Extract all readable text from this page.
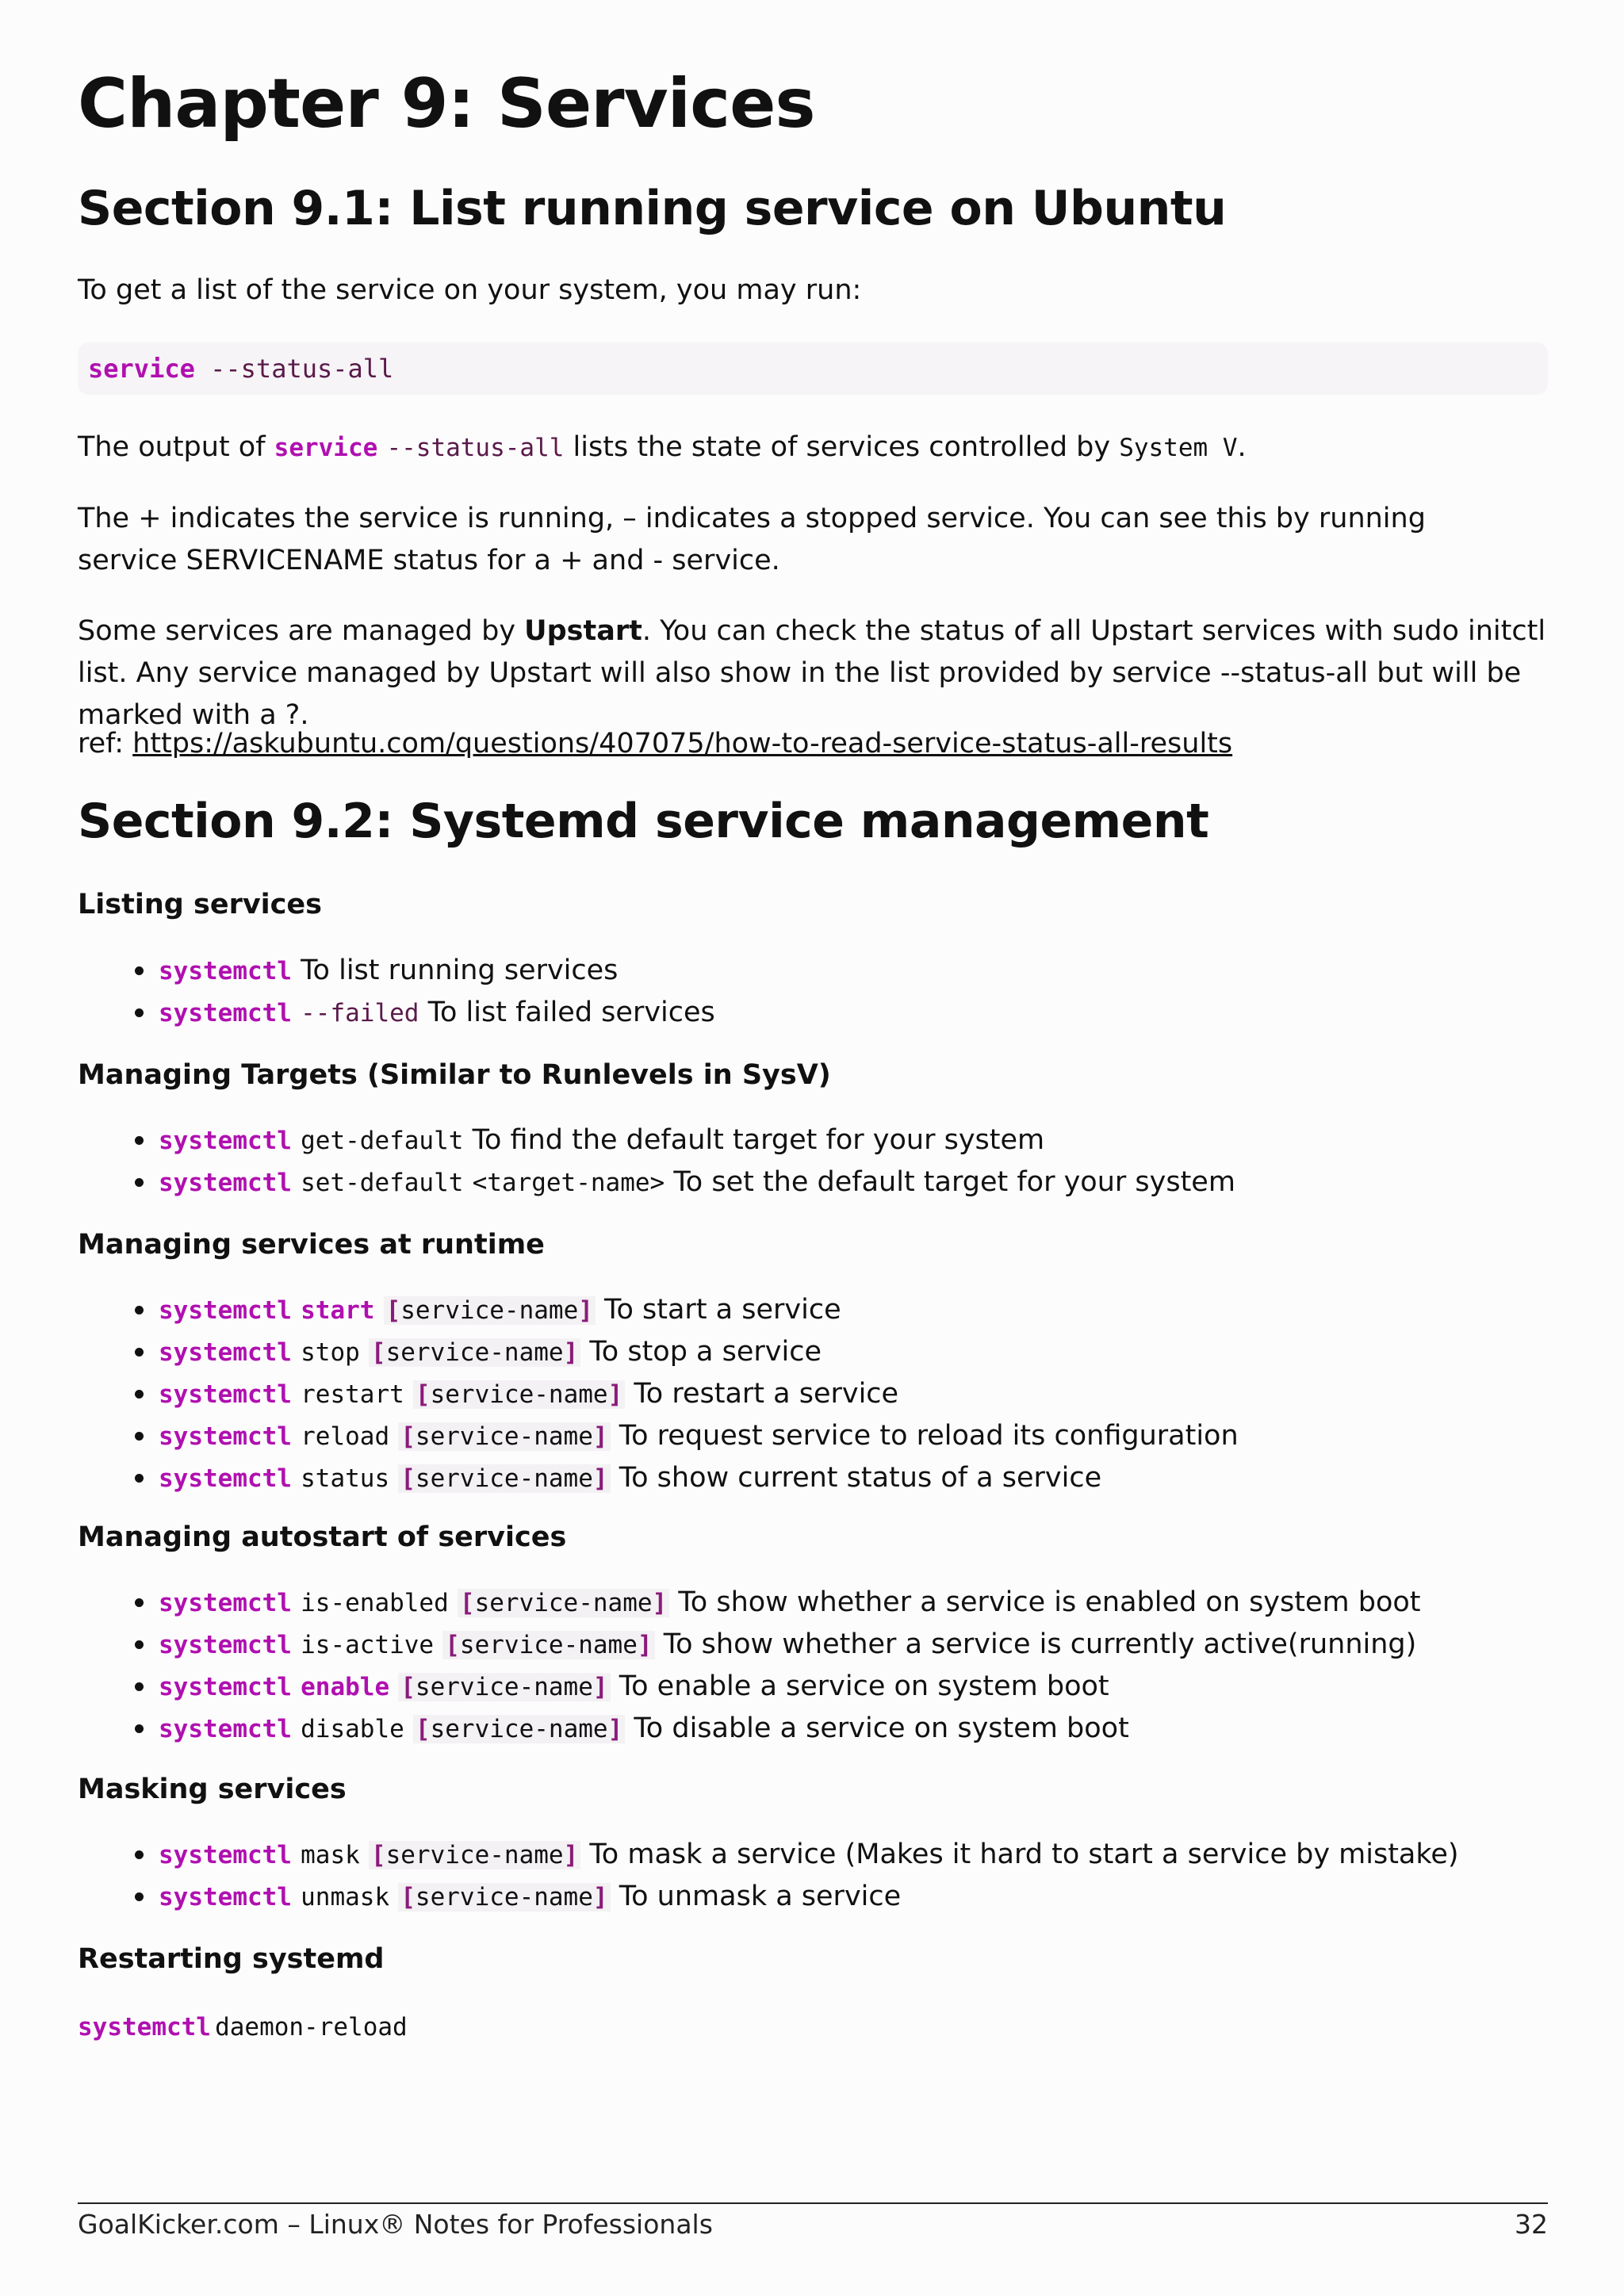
Chapter 9: Services
Section 9.1: List running service on Ubuntu

To get a list of the service on your system, you may run:

service --status-all

The output of service --status-all lists the state of services controlled by System V.

The + indicates the service is running, – indicates a stopped service. You can see this by running service SERVICENAME status for a + and - service.

Some services are managed by Upstart. You can check the status of all Upstart services with sudo initctl list. Any service managed by Upstart will also show in the list provided by service --status-all but will be marked with a ?.

ref: https://askubuntu.com/questions/407075/how-to-read-service-status-all-results

Section 9.2: Systemd service management
Listing services
systemctl To list running services
systemctl --failed To list failed services
Managing Targets (Similar to Runlevels in SysV)
systemctl get-default To find the default target for your system
systemctl set-default <target-name> To set the default target for your system
Managing services at runtime
systemctl start [service-name] To start a service
systemctl stop [service-name] To stop a service
systemctl restart [service-name] To restart a service
systemctl reload [service-name] To request service to reload its configuration
systemctl status [service-name] To show current status of a service
Managing autostart of services
systemctl is-enabled [service-name] To show whether a service is enabled on system boot
systemctl is-active [service-name] To show whether a service is currently active(running)
systemctl enable [service-name] To enable a service on system boot
systemctl disable [service-name] To disable a service on system boot
Masking services
systemctl mask [service-name] To mask a service (Makes it hard to start a service by mistake)
systemctl unmask [service-name] To unmask a service
Restarting systemd
systemctl daemon-reload
GoalKicker.com – Linux® Notes for Professionals	32
